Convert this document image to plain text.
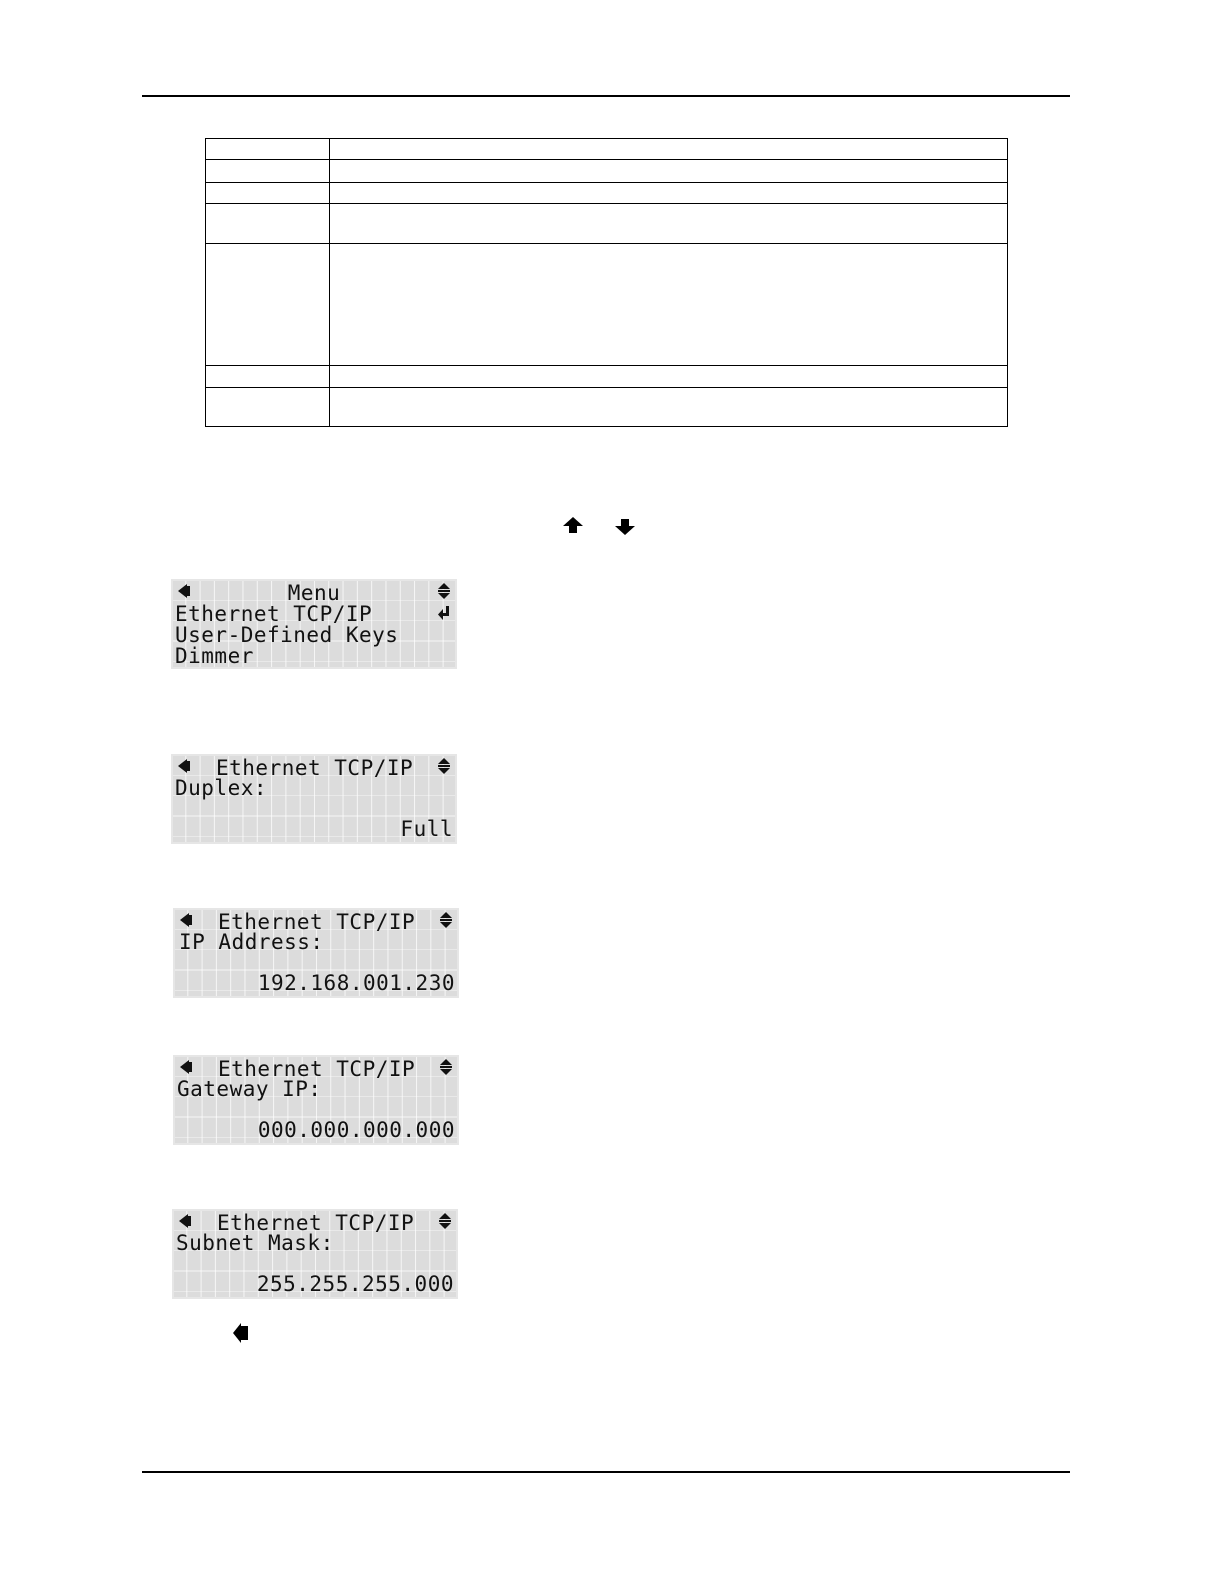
Menu
Ethernet TCP/IP
User-Defined Keys
Dimmer
Ethernet TCP/IP
Duplex:
Full
Ethernet TCP/IP
IP Address:
192.168.001.230
Ethernet TCP/IP
Gateway IP:
000.000.000.000
Ethernet TCP/IP
Subnet Mask:
255.255.255.000
